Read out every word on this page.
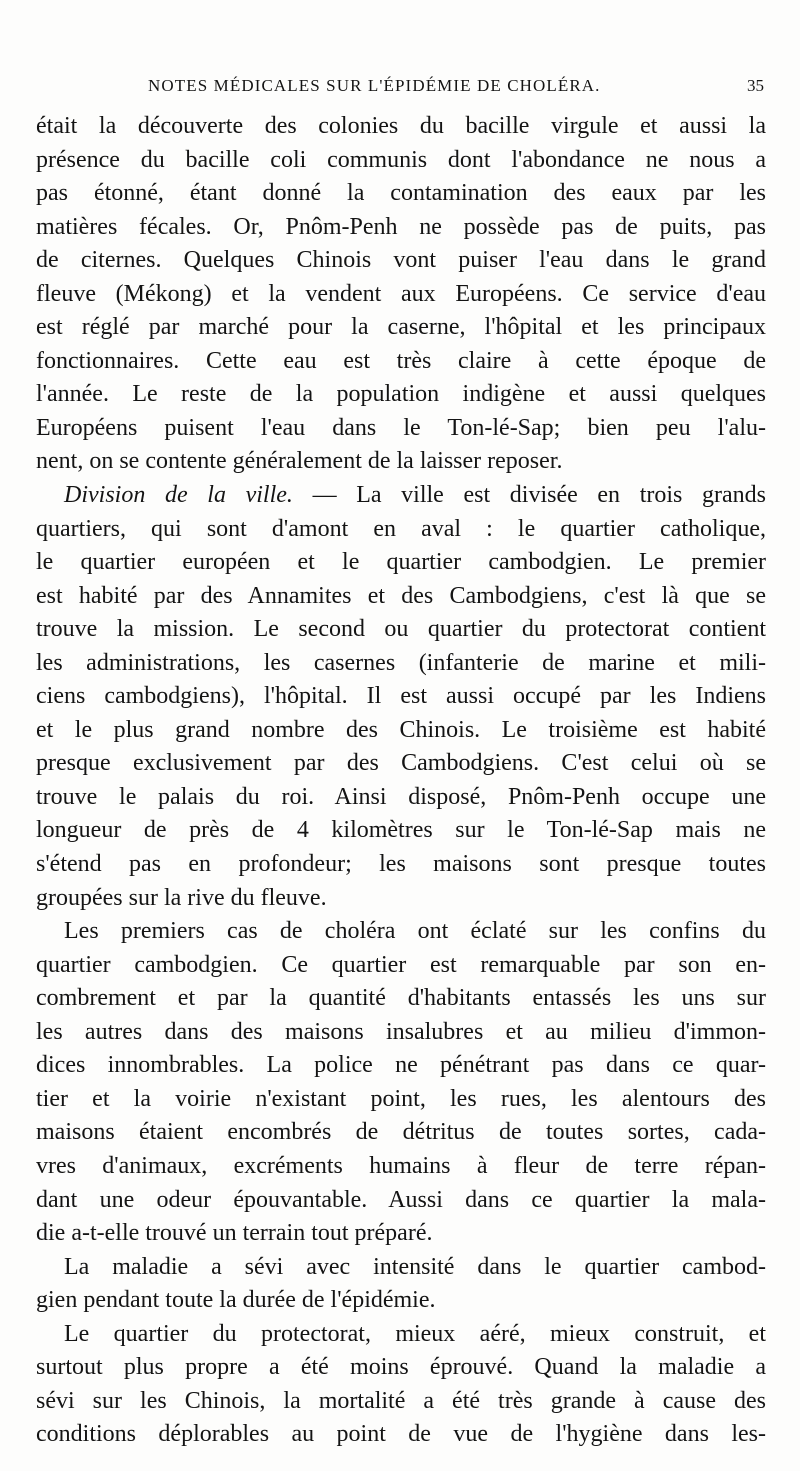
NOTES MÉDICALES SUR L'ÉPIDÉMIE DE CHOLÉRA.	35
était la découverte des colonies du bacille virgule et aussi la
présence du bacille coli communis dont l'abondance ne nous a
pas étonné, étant donné la contamination des eaux par les
matières fécales. Or, Pnôm-Penh ne possède pas de puits, pas
de citernes. Quelques Chinois vont puiser l'eau dans le grand
fleuve (Mékong) et la vendent aux Européens. Ce service d'eau
est réglé par marché pour la caserne, l'hôpital et les principaux
fonctionnaires. Cette eau est très claire à cette époque de
l'année. Le reste de la population indigène et aussi quelques
Européens puisent l'eau dans le Ton-lé-Sap; bien peu l'alu-
nent, on se contente généralement de la laisser reposer.
Division de la ville. — La ville est divisée en trois grands
quartiers, qui sont d'amont en aval : le quartier catholique,
le quartier européen et le quartier cambodgien. Le premier
est habité par des Annamites et des Cambodgiens, c'est là que se
trouve la mission. Le second ou quartier du protectorat contient
les administrations, les casernes (infanterie de marine et mili-
ciens cambodgiens), l'hôpital. Il est aussi occupé par les Indiens
et le plus grand nombre des Chinois. Le troisième est habité
presque exclusivement par des Cambodgiens. C'est celui où se
trouve le palais du roi. Ainsi disposé, Pnôm-Penh occupe une
longueur de près de 4 kilomètres sur le Ton-lé-Sap mais ne
s'étend pas en profondeur; les maisons sont presque toutes
groupées sur la rive du fleuve.
Les premiers cas de choléra ont éclaté sur les confins du
quartier cambodgien. Ce quartier est remarquable par son en-
combrement et par la quantité d'habitants entassés les uns sur
les autres dans des maisons insalubres et au milieu d'immon-
dices innombrables. La police ne pénétrant pas dans ce quar-
tier et la voirie n'existant point, les rues, les alentours des
maisons étaient encombrés de détritus de toutes sortes, cada-
vres d'animaux, excréments humains à fleur de terre répan-
dant une odeur épouvantable. Aussi dans ce quartier la mala-
die a-t-elle trouvé un terrain tout préparé.
La maladie a sévi avec intensité dans le quartier cambod-
gien pendant toute la durée de l'épidémie.
Le quartier du protectorat, mieux aéré, mieux construit, et
surtout plus propre a été moins éprouvé. Quand la maladie a
sévi sur les Chinois, la mortalité a été très grande à cause des
conditions déplorables au point de vue de l'hygiène dans les-
